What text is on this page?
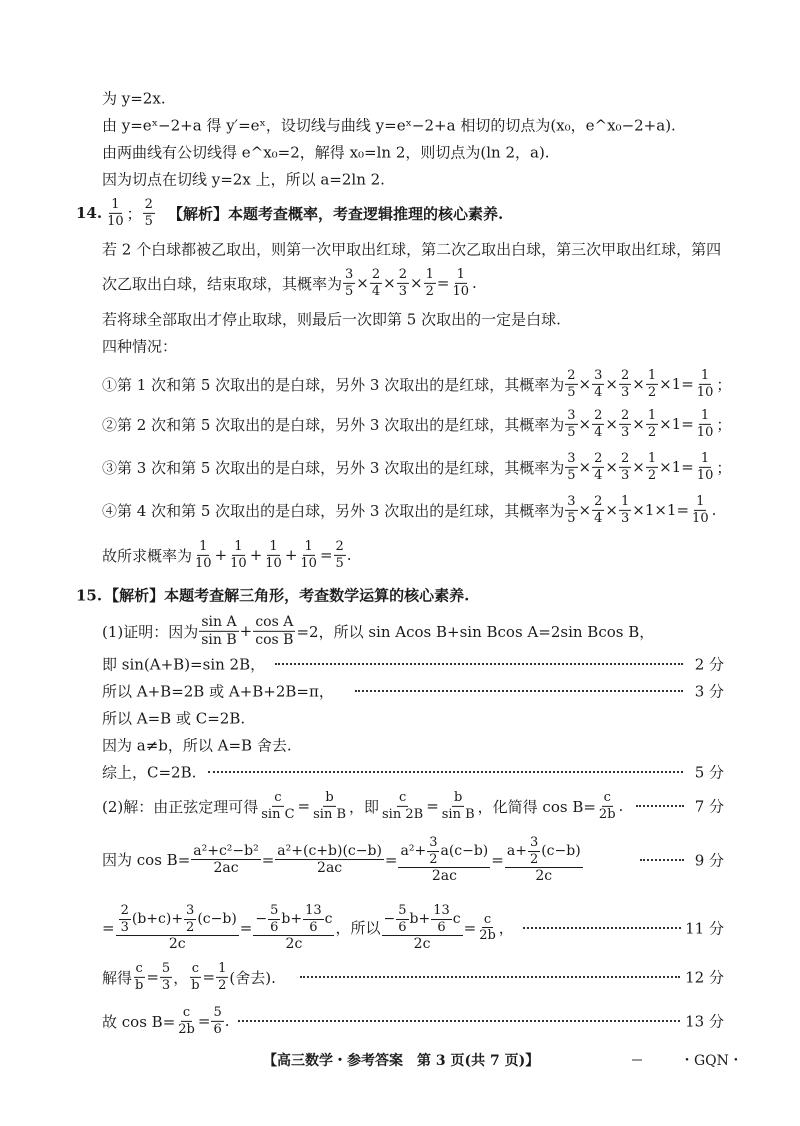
为 y=2x.
由 y=eˣ−2+a 得 y′=eˣ，设切线与曲线 y=eˣ−2+a 相切的切点为(x₀，e^x₀−2+a).
由两曲线有公切线得 e^x₀=2，解得 x₀=ln 2，则切点为(ln 2，a).
因为切点在切线 y=2x 上，所以 a=2ln 2.
14. $\frac{1}{10}$ ； $\frac{2}{5}$ 【解析】本题考查概率，考查逻辑推理的核心素养.
若 2 个白球都被乙取出，则第一次甲取出红球，第二次乙取出白球，第三次甲取出红球，第四
次乙取出白球，结束取球，其概率为 $\frac{3}{5} \times \frac{2}{4} \times \frac{2}{3} \times \frac{1}{2} = \frac{1}{10}$ .
若将球全部取出才停止取球，则最后一次即第 5 次取出的一定是白球.
四种情况：
①第 1 次和第 5 次取出的是白球，另外 3 次取出的是红球，其概率为 $\frac{2}{5} \times \frac{3}{4} \times \frac{2}{3} \times \frac{1}{2} \times 1= \frac{1}{10}$ ；
②第 2 次和第 5 次取出的是白球，另外 3 次取出的是红球，其概率为 $\frac{3}{5} \times \frac{2}{4} \times \frac{2}{3} \times \frac{1}{2} \times 1= \frac{1}{10}$ ；
③第 3 次和第 5 次取出的是白球，另外 3 次取出的是红球，其概率为 $\frac{3}{5} \times \frac{2}{4} \times \frac{2}{3} \times \frac{1}{2} \times 1= \frac{1}{10}$ ；
④第 4 次和第 5 次取出的是白球，另外 3 次取出的是红球，其概率为 $\frac{3}{5} \times \frac{2}{4} \times \frac{1}{3} \times 1\times 1= \frac{1}{10}$ .
故所求概率为 $\frac{1}{10} + \frac{1}{10} + \frac{1}{10} + \frac{1}{10} = \frac{2}{5}$ .
15. 【解析】本题考查解三角形，考查数学运算的核心素养.
(1)证明：因为 $\frac{\text{sin A}}{\text{sin B}} + \frac{\text{cos A}}{\text{cos B}} =2$，所以 sin Acos B+sin Bcos A=2sin Bcos B，
即 sin(A+B)=sin 2B，	2 分
所以 A+B=2B 或 A+B+2B=π，	3 分
所以 A=B 或 C=2B.
因为 a≠b，所以 A=B 舍去.
综上，C=2B.	5 分
(2)解：由正弦定理可得 $\frac{c}{\text{sin C}} = \frac{b}{\text{sin B}}$ ，即 $\frac{c}{\sin 2B} = \frac{b}{\text{sin B}}$ ，化简得 $\cos B= \frac{c}{2b}$ .	7 分
因为 $\cos B= \frac{\text{a²+c²−b²}}{2ac} = \frac{\text{a²+(c+b)(c−b)}}{2ac} = \frac{a^2+ \frac{3}{2} a(c-b)}{2ac} = \frac{a+ \frac{3}{2} (c-b)}{2c}$	9 分
= $\frac{\frac{2}{3} (b+c)+ \frac{3}{2} (c-b)}{2c} = \frac{- \frac{5}{6} b+ \frac{13}{6} c}{2c}$ ，所以 $\frac{- \frac{5}{6} b+ \frac{13}{6} c}{2c} = \frac{c}{2b}$ ，	11 分
解得 $\frac{c}{b} = \frac{5}{3}$ ， $\frac{c}{b} = \frac{1}{2}$ (舍去).	12 分
故 $\cos B= \frac{c}{2b} = \frac{5}{6}$ .	13 分
【高三数学・参考答案　第 3 页(共 7 页)】	・GQN・
